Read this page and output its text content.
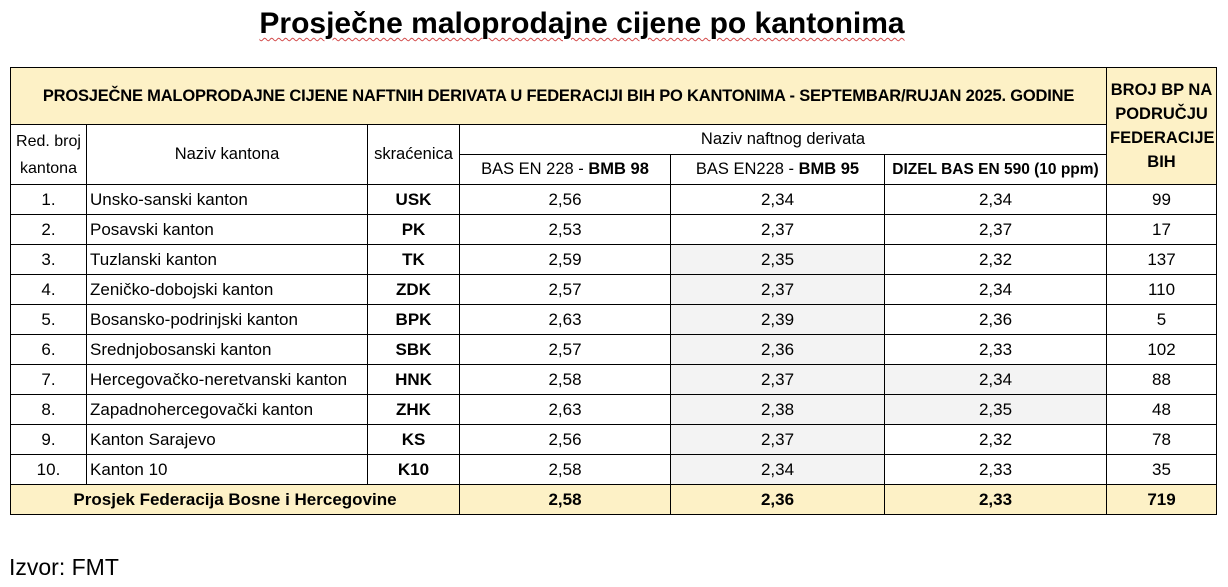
Prosječne maloprodajne cijene po kantonima
PROSJEČNE MALOPRODAJNE CIJENE NAFTNIH DERIVATA U FEDERACIJI BIH PO KANTONIMA - SEPTEMBAR/RUJAN 2025. GODINE						BROJ BP NA PODRUČJU FEDERACIJE BIH
Red. broj kantona	Naziv kantona	skraćenica	Naziv naftnog derivata			
			BAS EN 228 - BMB 98	BAS EN228 - BMB 95	DIZEL BAS EN 590 (10 ppm)	
1.	Unsko-sanski kanton	USK	2,56	2,34	2,34	99
2.	Posavski kanton	PK	2,53	2,37	2,37	17
3.	Tuzlanski kanton	TK	2,59	2,35	2,32	137
4.	Zeničko-dobojski kanton	ZDK	2,57	2,37	2,34	110
5.	Bosansko-podrinjski kanton	BPK	2,63	2,39	2,36	5
6.	Srednjobosanski kanton	SBK	2,57	2,36	2,33	102
7.	Hercegovačko-neretvanski kanton	HNK	2,58	2,37	2,34	88
8.	Zapadnohercegovački kanton	ZHK	2,63	2,38	2,35	48
9.	Kanton Sarajevo	KS	2,56	2,37	2,32	78
10.	Kanton 10	K10	2,58	2,34	2,33	35
Prosjek Federacija Bosne i Hercegovine			2,58	2,36	2,33	719
Izvor: FMT
